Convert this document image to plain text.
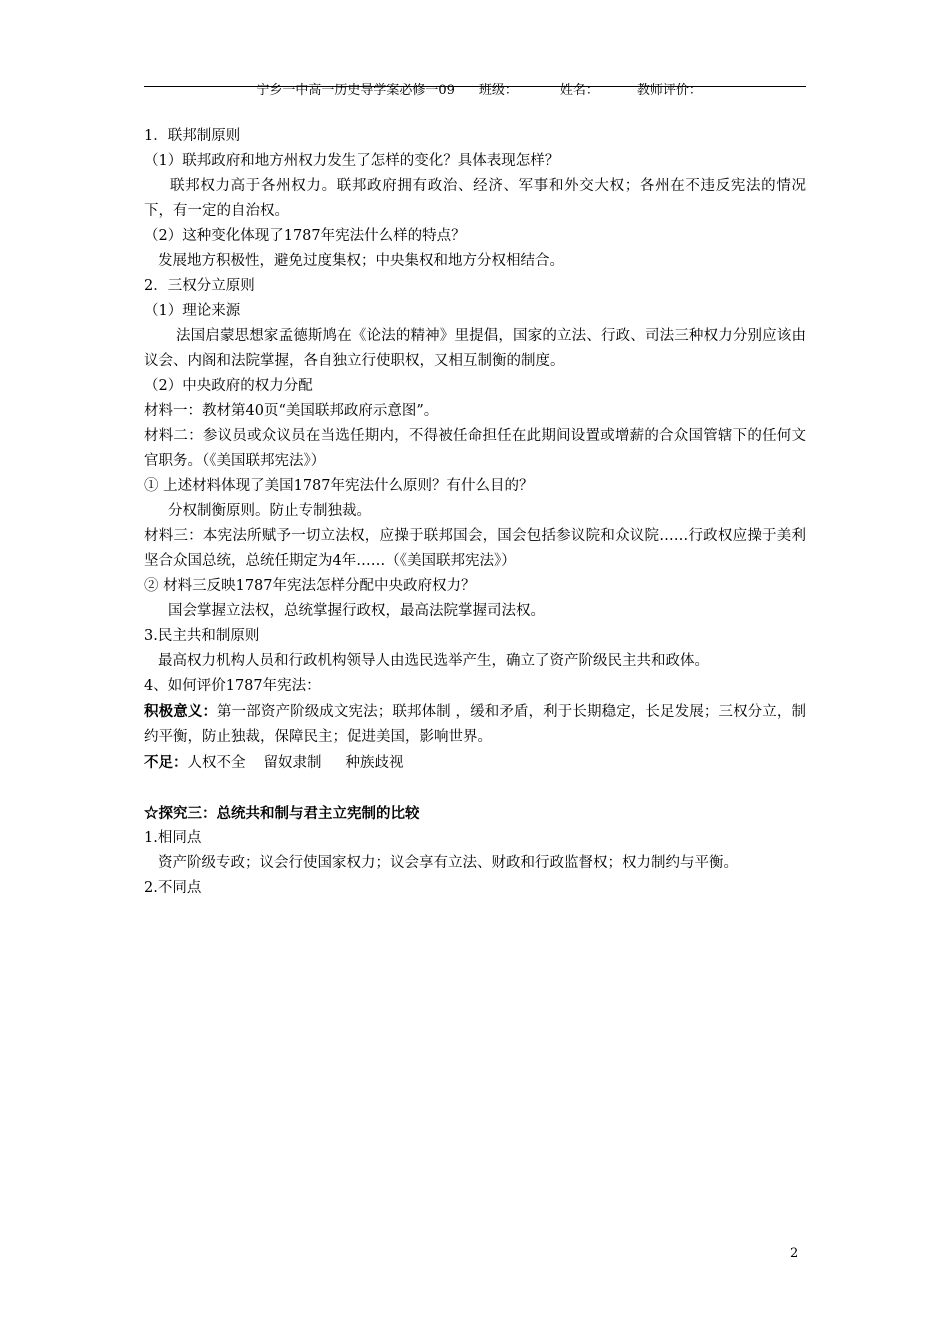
宁乡一中高一历史导学案必修一09 班级：	姓名：	教师评价：

1．联邦制原则

（1）联邦政府和地方州权力发生了怎样的变化？具体表现怎样？

联邦权力高于各州权力。联邦政府拥有政治、经济、军事和外交大权；各州在不违反宪法的情况下，有一定的自治权。

（2）这种变化体现了1787年宪法什么样的特点？

发展地方积极性，避免过度集权；中央集权和地方分权相结合。

2．三权分立原则

（1）理论来源

法国启蒙思想家孟德斯鸠在《论法的精神》里提倡，国家的立法、行政、司法三种权力分别应该由议会、内阁和法院掌握，各自独立行使职权，又相互制衡的制度。

（2）中央政府的权力分配

材料一：教材第40页“美国联邦政府示意图”。

材料二：参议员或众议员在当选任期内，不得被任命担任在此期间设置或增薪的合众国管辖下的任何文官职务。（《美国联邦宪法》）

① 上述材料体现了美国1787年宪法什么原则？有什么目的？

分权制衡原则。防止专制独裁。

材料三：本宪法所赋予一切立法权，应操于联邦国会，国会包括参议院和众议院……行政权应操于美利坚合众国总统，总统任期定为4年……（《美国联邦宪法》）

② 材料三反映1787年宪法怎样分配中央政府权力？

国会掌握立法权，总统掌握行政权，最高法院掌握司法权。

3.民主共和制原则

最高权力机构人员和行政机构领导人由选民选举产生，确立了资产阶级民主共和政体。

4、如何评价1787年宪法：

积极意义：第一部资产阶级成文宪法；联邦体制 ，缓和矛盾，利于长期稳定，长足发展；三权分立，制约平衡，防止独裁，保障民主；促进美国，影响世界。

不足：人权不全 留奴隶制 种族歧视

☆探究三：总统共和制与君主立宪制的比较

1.相同点

资产阶级专政；议会行使国家权力；议会享有立法、财政和行政监督权；权力制约与平衡。

2.不同点

2
